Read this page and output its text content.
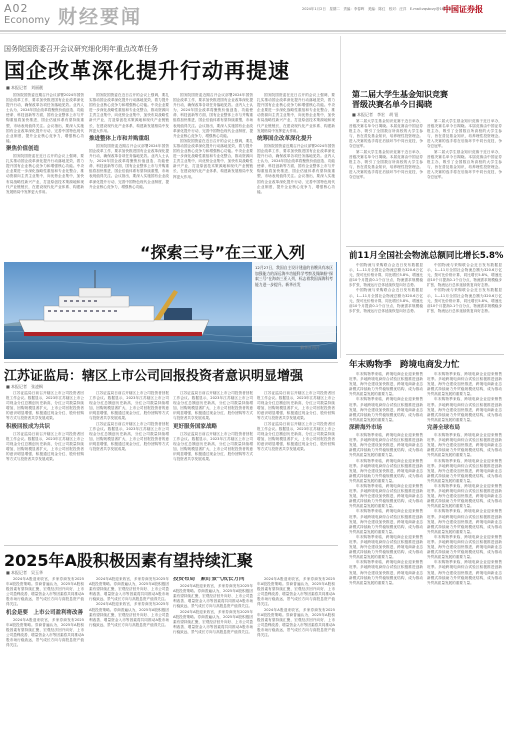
A02
Economy 财经要闻	2024年1月2日　星期二　责编：李春晖　美编：陈红　校对：汪洋　E-mail:zqsbczy@163.com
中国证券报
国务院国资委召开会议研究细化明年重点改革任务
国企改革深化提升行动再提速
■ 本报记者　刘丽靓

国务院国资委近期召开会议部署2024年国资国企改革工作，要求加快推进国有企业改革深化提升行动，确保改革各项任务落地见效。业内人士认为，2024年国企改革将聚焦价值创造、功能使命、科技创新等方面，国有企业整体上市与并购重组将加快推进，国企估值体系有望持续重塑，市场表现值得关注。会议指出，要深入实施国有企业改革深化提升行动，完善中国特色现代企业制度，提升企业核心竞争力，增强核心功能。

聚焦价值创造

国务院国资委在近日召开的会议上强调，要扎实推动国企改革深化提升行动落地见效，着力提升国有企业核心竞争力和增强核心功能。中央企业要进一步深化战略性重组和专业化整合，推动资源向主责主业集中，向优势企业集中，加快布局战略性新兴产业，打造原创技术策源地和现代产业链链长，在建设现代化产业体系、构建新发展格局中发挥更大作用。

国务院国资委在近日召开的会议上强调，要扎实推动国企改革深化提升行动落地见效，着力提升国有企业核心竞争力和增强核心功能。中央企业要进一步深化战略性重组和专业化整合，推动资源向主责主业集中，向优势企业集中，加快布局战略性新兴产业，打造原创技术策源地和现代产业链链长，在建设现代化产业体系、构建新发展格局中发挥更大作用。

推进整体上市和并购重组

国务院国资委近期召开会议部署2024年国资国企改革工作，要求加快推进国有企业改革深化提升行动，确保改革各项任务落地见效。业内人士认为，2024年国企改革将聚焦价值创造、功能使命、科技创新等方面，国有企业整体上市与并购重组将加快推进，国企估值体系有望持续重塑，市场表现值得关注。会议指出，要深入实施国有企业改革深化提升行动，完善中国特色现代企业制度，提升企业核心竞争力，增强核心功能。

国务院国资委近期召开会议部署2024年国资国企改革工作，要求加快推进国有企业改革深化提升行动，确保改革各项任务落地见效。业内人士认为，2024年国企改革将聚焦价值创造、功能使命、科技创新等方面，国有企业整体上市与并购重组将加快推进，国企估值体系有望持续重塑，市场表现值得关注。会议指出，要深入实施国有企业改革深化提升行动，完善中国特色现代企业制度，提升企业核心竞争力，增强核心功能。

国务院国资委在近日召开的会议上强调，要扎实推动国企改革深化提升行动落地见效，着力提升国有企业核心竞争力和增强核心功能。中央企业要进一步深化战略性重组和专业化整合，推动资源向主责主业集中，向优势企业集中，加快布局战略性新兴产业，打造原创技术策源地和现代产业链链长，在建设现代化产业体系、构建新发展格局中发挥更大作用。

国务院国资委在近日召开的会议上强调，要扎实推动国企改革深化提升行动落地见效，着力提升国有企业核心竞争力和增强核心功能。中央企业要进一步深化战略性重组和专业化整合，推动资源向主责主业集中，向优势企业集中，加快布局战略性新兴产业，打造原创技术策源地和现代产业链链长，在建设现代化产业体系、构建新发展格局中发挥更大作用。

统筹国企改革深化提升

国务院国资委近期召开会议部署2024年国资国企改革工作，要求加快推进国有企业改革深化提升行动，确保改革各项任务落地见效。业内人士认为，2024年国企改革将聚焦价值创造、功能使命、科技创新等方面，国有企业整体上市与并购重组将加快推进，国企估值体系有望持续重塑，市场表现值得关注。会议指出，要深入实施国有企业改革深化提升行动，完善中国特色现代企业制度，提升企业核心竞争力，增强核心功能。

“探索三号”在三亚入列
12月27日，我国自主设计建造的首艘具有冰区加强能力的深远海多功能科学考察及保障船“探索三号”在海南三亚入列，标志着我国深海科考能力进一步提升。新华社发
新华社图片
江苏证监局：辖区上市公司回报投资者意识明显增强
■ 本报记者　张凌枫

江苏证监局日前召开辖区上市公司投资者回报工作会议。数据显示，2023年江苏辖区上市公司现金分红总额创历史新高，分红公司数量持续增加，回购规模显著扩大，上市公司回报投资者的意识明显增强，积极通过现金分红、股份回购等方式与投资者共享发展成果。

积极回报成为共识

江苏证监局日前召开辖区上市公司投资者回报工作会议。数据显示，2023年江苏辖区上市公司现金分红总额创历史新高，分红公司数量持续增加，回购规模显著扩大，上市公司回报投资者的意识明显增强，积极通过现金分红、股份回购等方式与投资者共享发展成果。

江苏证监局日前召开辖区上市公司投资者回报工作会议。数据显示，2023年江苏辖区上市公司现金分红总额创历史新高，分红公司数量持续增加，回购规模显著扩大，上市公司回报投资者的意识明显增强，积极通过现金分红、股份回购等方式与投资者共享发展成果。

江苏证监局日前召开辖区上市公司投资者回报工作会议。数据显示，2023年江苏辖区上市公司现金分红总额创历史新高，分红公司数量持续增加，回购规模显著扩大，上市公司回报投资者的意识明显增强，积极通过现金分红、股份回购等方式与投资者共享发展成果。

江苏证监局日前召开辖区上市公司投资者回报工作会议。数据显示，2023年江苏辖区上市公司现金分红总额创历史新高，分红公司数量持续增加，回购规模显著扩大，上市公司回报投资者的意识明显增强，积极通过现金分红、股份回购等方式与投资者共享发展成果。

更好服务国家战略

江苏证监局日前召开辖区上市公司投资者回报工作会议。数据显示，2023年江苏辖区上市公司现金分红总额创历史新高，分红公司数量持续增加，回购规模显著扩大，上市公司回报投资者的意识明显增强，积极通过现金分红、股份回购等方式与投资者共享发展成果。

江苏证监局日前召开辖区上市公司投资者回报工作会议。数据显示，2023年江苏辖区上市公司现金分红总额创历史新高，分红公司数量持续增加，回购规模显著扩大，上市公司回报投资者的意识明显增强，积极通过现金分红、股份回购等方式与投资者共享发展成果。

江苏证监局日前召开辖区上市公司投资者回报工作会议。数据显示，2023年江苏辖区上市公司现金分红总额创历史新高，分红公司数量持续增加，回购规模显著扩大，上市公司回报投资者的意识明显增强，积极通过现金分红、股份回购等方式与投资者共享发展成果。

2025年A股积极因素有望持续汇聚
■ 本报记者　吴玉华

2024年A股迎来收官，多家券商发布2025年A股投资策略。券商普遍认为，2025年A股积极因素有望持续汇聚，宏观经济回升向好、上市公司盈利改善、增量资金入市等因素将共同推动A股市场行稳致远，景气成长方向与高股息资产值得关注。

机会是要　上市公司盈利将改善

2024年A股迎来收官，多家券商发布2025年A股投资策略。券商普遍认为，2025年A股积极因素有望持续汇聚，宏观经济回升向好、上市公司盈利改善、增量资金入市等因素将共同推动A股市场行稳致远，景气成长方向与高股息资产值得关注。

2024年A股迎来收官，多家券商发布2025年A股投资策略。券商普遍认为，2025年A股积极因素有望持续汇聚，宏观经济回升向好、上市公司盈利改善、增量资金入市等因素将共同推动A股市场行稳致远，景气成长方向与高股息资产值得关注。

2024年A股迎来收官，多家券商发布2025年A股投资策略。券商普遍认为，2025年A股积极因素有望持续汇聚，宏观经济回升向好、上市公司盈利改善、增量资金入市等因素将共同推动A股市场行稳致远，景气成长方向与高股息资产值得关注。

投资布局　紧盯景气成长方向

2024年A股迎来收官，多家券商发布2025年A股投资策略。券商普遍认为，2025年A股积极因素有望持续汇聚，宏观经济回升向好、上市公司盈利改善、增量资金入市等因素将共同推动A股市场行稳致远，景气成长方向与高股息资产值得关注。

2024年A股迎来收官，多家券商发布2025年A股投资策略。券商普遍认为，2025年A股积极因素有望持续汇聚，宏观经济回升向好、上市公司盈利改善、增量资金入市等因素将共同推动A股市场行稳致远，景气成长方向与高股息资产值得关注。

2024年A股迎来收官，多家券商发布2025年A股投资策略。券商普遍认为，2025年A股积极因素有望持续汇聚，宏观经济回升向好、上市公司盈利改善、增量资金入市等因素将共同推动A股市场行稳致远，景气成长方向与高股息资产值得关注。

2024年A股迎来收官，多家券商发布2025年A股投资策略。券商普遍认为，2025年A股积极因素有望持续汇聚，宏观经济回升向好、上市公司盈利改善、增量资金入市等因素将共同推动A股市场行稳致远，景气成长方向与高股息资产值得关注。

第二届大学生基金知识竞赛
晋级决赛名单今日揭晓
■ 本报记者　李宏　胡 钮

第二届大学生基金知识竞赛于近日举办，晋级决赛名单今日揭晓。本届竞赛由中国证券报主办，吸引了全国数百所高校的大学生参与，旨在普及基金知识，培养理性投资理念。进入决赛的选手将在后续环节中同台竞技，争夺总冠军。

第二届大学生基金知识竞赛于近日举办，晋级决赛名单今日揭晓。本届竞赛由中国证券报主办，吸引了全国数百所高校的大学生参与，旨在普及基金知识，培养理性投资理念。进入决赛的选手将在后续环节中同台竞技，争夺总冠军。

第二届大学生基金知识竞赛于近日举办，晋级决赛名单今日揭晓。本届竞赛由中国证券报主办，吸引了全国数百所高校的大学生参与，旨在普及基金知识，培养理性投资理念。进入决赛的选手将在后续环节中同台竞技，争夺总冠军。

第二届大学生基金知识竞赛于近日举办，晋级决赛名单今日揭晓。本届竞赛由中国证券报主办，吸引了全国数百所高校的大学生参与，旨在普及基金知识，培养理性投资理念。进入决赛的选手将在后续环节中同台竞技，争夺总冠军。

前11月全国社会物流总额同比增长5.8%

中国物流与采购联合会近日发布数据显示，1—11月全国社会物流总额为320.6万亿元，按可比价格计算，同比增长5.8%，增速比前10个月提高0.1个百分点，物流需求规模稳步扩张，物流运行总体延续恢复向好态势。

中国物流与采购联合会近日发布数据显示，1—11月全国社会物流总额为320.6万亿元，按可比价格计算，同比增长5.8%，增速比前10个月提高0.1个百分点，物流需求规模稳步扩张，物流运行总体延续恢复向好态势。

中国物流与采购联合会近日发布数据显示，1—11月全国社会物流总额为320.6万亿元，按可比价格计算，同比增长5.8%，增速比前10个月提高0.1个百分点，物流需求规模稳步扩张，物流运行总体延续恢复向好态势。

中国物流与采购联合会近日发布数据显示，1—11月全国社会物流总额为320.6万亿元，按可比价格计算，同比增长5.8%，增速比前10个月提高0.1个百分点，物流需求规模稳步扩张，物流运行总体延续恢复向好态势。

年末购物季　跨境电商发力忙

年末购物季来临，跨境电商企业迎来销售旺季。多地跨境电商综合试验区积极推进创新发展，海外仓建设加快推进，跨境电商新业态新模式持续助力外贸稳规模优结构，成为推动外贸高质量发展的重要力量。

年末购物季来临，跨境电商企业迎来销售旺季。多地跨境电商综合试验区积极推进创新发展，海外仓建设加快推进，跨境电商新业态新模式持续助力外贸稳规模优结构，成为推动外贸高质量发展的重要力量。

深耕海外市场

年末购物季来临，跨境电商企业迎来销售旺季。多地跨境电商综合试验区积极推进创新发展，海外仓建设加快推进，跨境电商新业态新模式持续助力外贸稳规模优结构，成为推动外贸高质量发展的重要力量。

年末购物季来临，跨境电商企业迎来销售旺季。多地跨境电商综合试验区积极推进创新发展，海外仓建设加快推进，跨境电商新业态新模式持续助力外贸稳规模优结构，成为推动外贸高质量发展的重要力量。

年末购物季来临，跨境电商企业迎来销售旺季。多地跨境电商综合试验区积极推进创新发展，海外仓建设加快推进，跨境电商新业态新模式持续助力外贸稳规模优结构，成为推动外贸高质量发展的重要力量。

年末购物季来临，跨境电商企业迎来销售旺季。多地跨境电商综合试验区积极推进创新发展，海外仓建设加快推进，跨境电商新业态新模式持续助力外贸稳规模优结构，成为推动外贸高质量发展的重要力量。

年末购物季来临，跨境电商企业迎来销售旺季。多地跨境电商综合试验区积极推进创新发展，海外仓建设加快推进，跨境电商新业态新模式持续助力外贸稳规模优结构，成为推动外贸高质量发展的重要力量。

年末购物季来临，跨境电商企业迎来销售旺季。多地跨境电商综合试验区积极推进创新发展，海外仓建设加快推进，跨境电商新业态新模式持续助力外贸稳规模优结构，成为推动外贸高质量发展的重要力量。

年末购物季来临，跨境电商企业迎来销售旺季。多地跨境电商综合试验区积极推进创新发展，海外仓建设加快推进，跨境电商新业态新模式持续助力外贸稳规模优结构，成为推动外贸高质量发展的重要力量。

年末购物季来临，跨境电商企业迎来销售旺季。多地跨境电商综合试验区积极推进创新发展，海外仓建设加快推进，跨境电商新业态新模式持续助力外贸稳规模优结构，成为推动外贸高质量发展的重要力量。

完善全球布局

年末购物季来临，跨境电商企业迎来销售旺季。多地跨境电商综合试验区积极推进创新发展，海外仓建设加快推进，跨境电商新业态新模式持续助力外贸稳规模优结构，成为推动外贸高质量发展的重要力量。

年末购物季来临，跨境电商企业迎来销售旺季。多地跨境电商综合试验区积极推进创新发展，海外仓建设加快推进，跨境电商新业态新模式持续助力外贸稳规模优结构，成为推动外贸高质量发展的重要力量。

年末购物季来临，跨境电商企业迎来销售旺季。多地跨境电商综合试验区积极推进创新发展，海外仓建设加快推进，跨境电商新业态新模式持续助力外贸稳规模优结构，成为推动外贸高质量发展的重要力量。

年末购物季来临，跨境电商企业迎来销售旺季。多地跨境电商综合试验区积极推进创新发展，海外仓建设加快推进，跨境电商新业态新模式持续助力外贸稳规模优结构，成为推动外贸高质量发展的重要力量。

年末购物季来临，跨境电商企业迎来销售旺季。多地跨境电商综合试验区积极推进创新发展，海外仓建设加快推进，跨境电商新业态新模式持续助力外贸稳规模优结构，成为推动外贸高质量发展的重要力量。

年末购物季来临，跨境电商企业迎来销售旺季。多地跨境电商综合试验区积极推进创新发展，海外仓建设加快推进，跨境电商新业态新模式持续助力外贸稳规模优结构，成为推动外贸高质量发展的重要力量。
